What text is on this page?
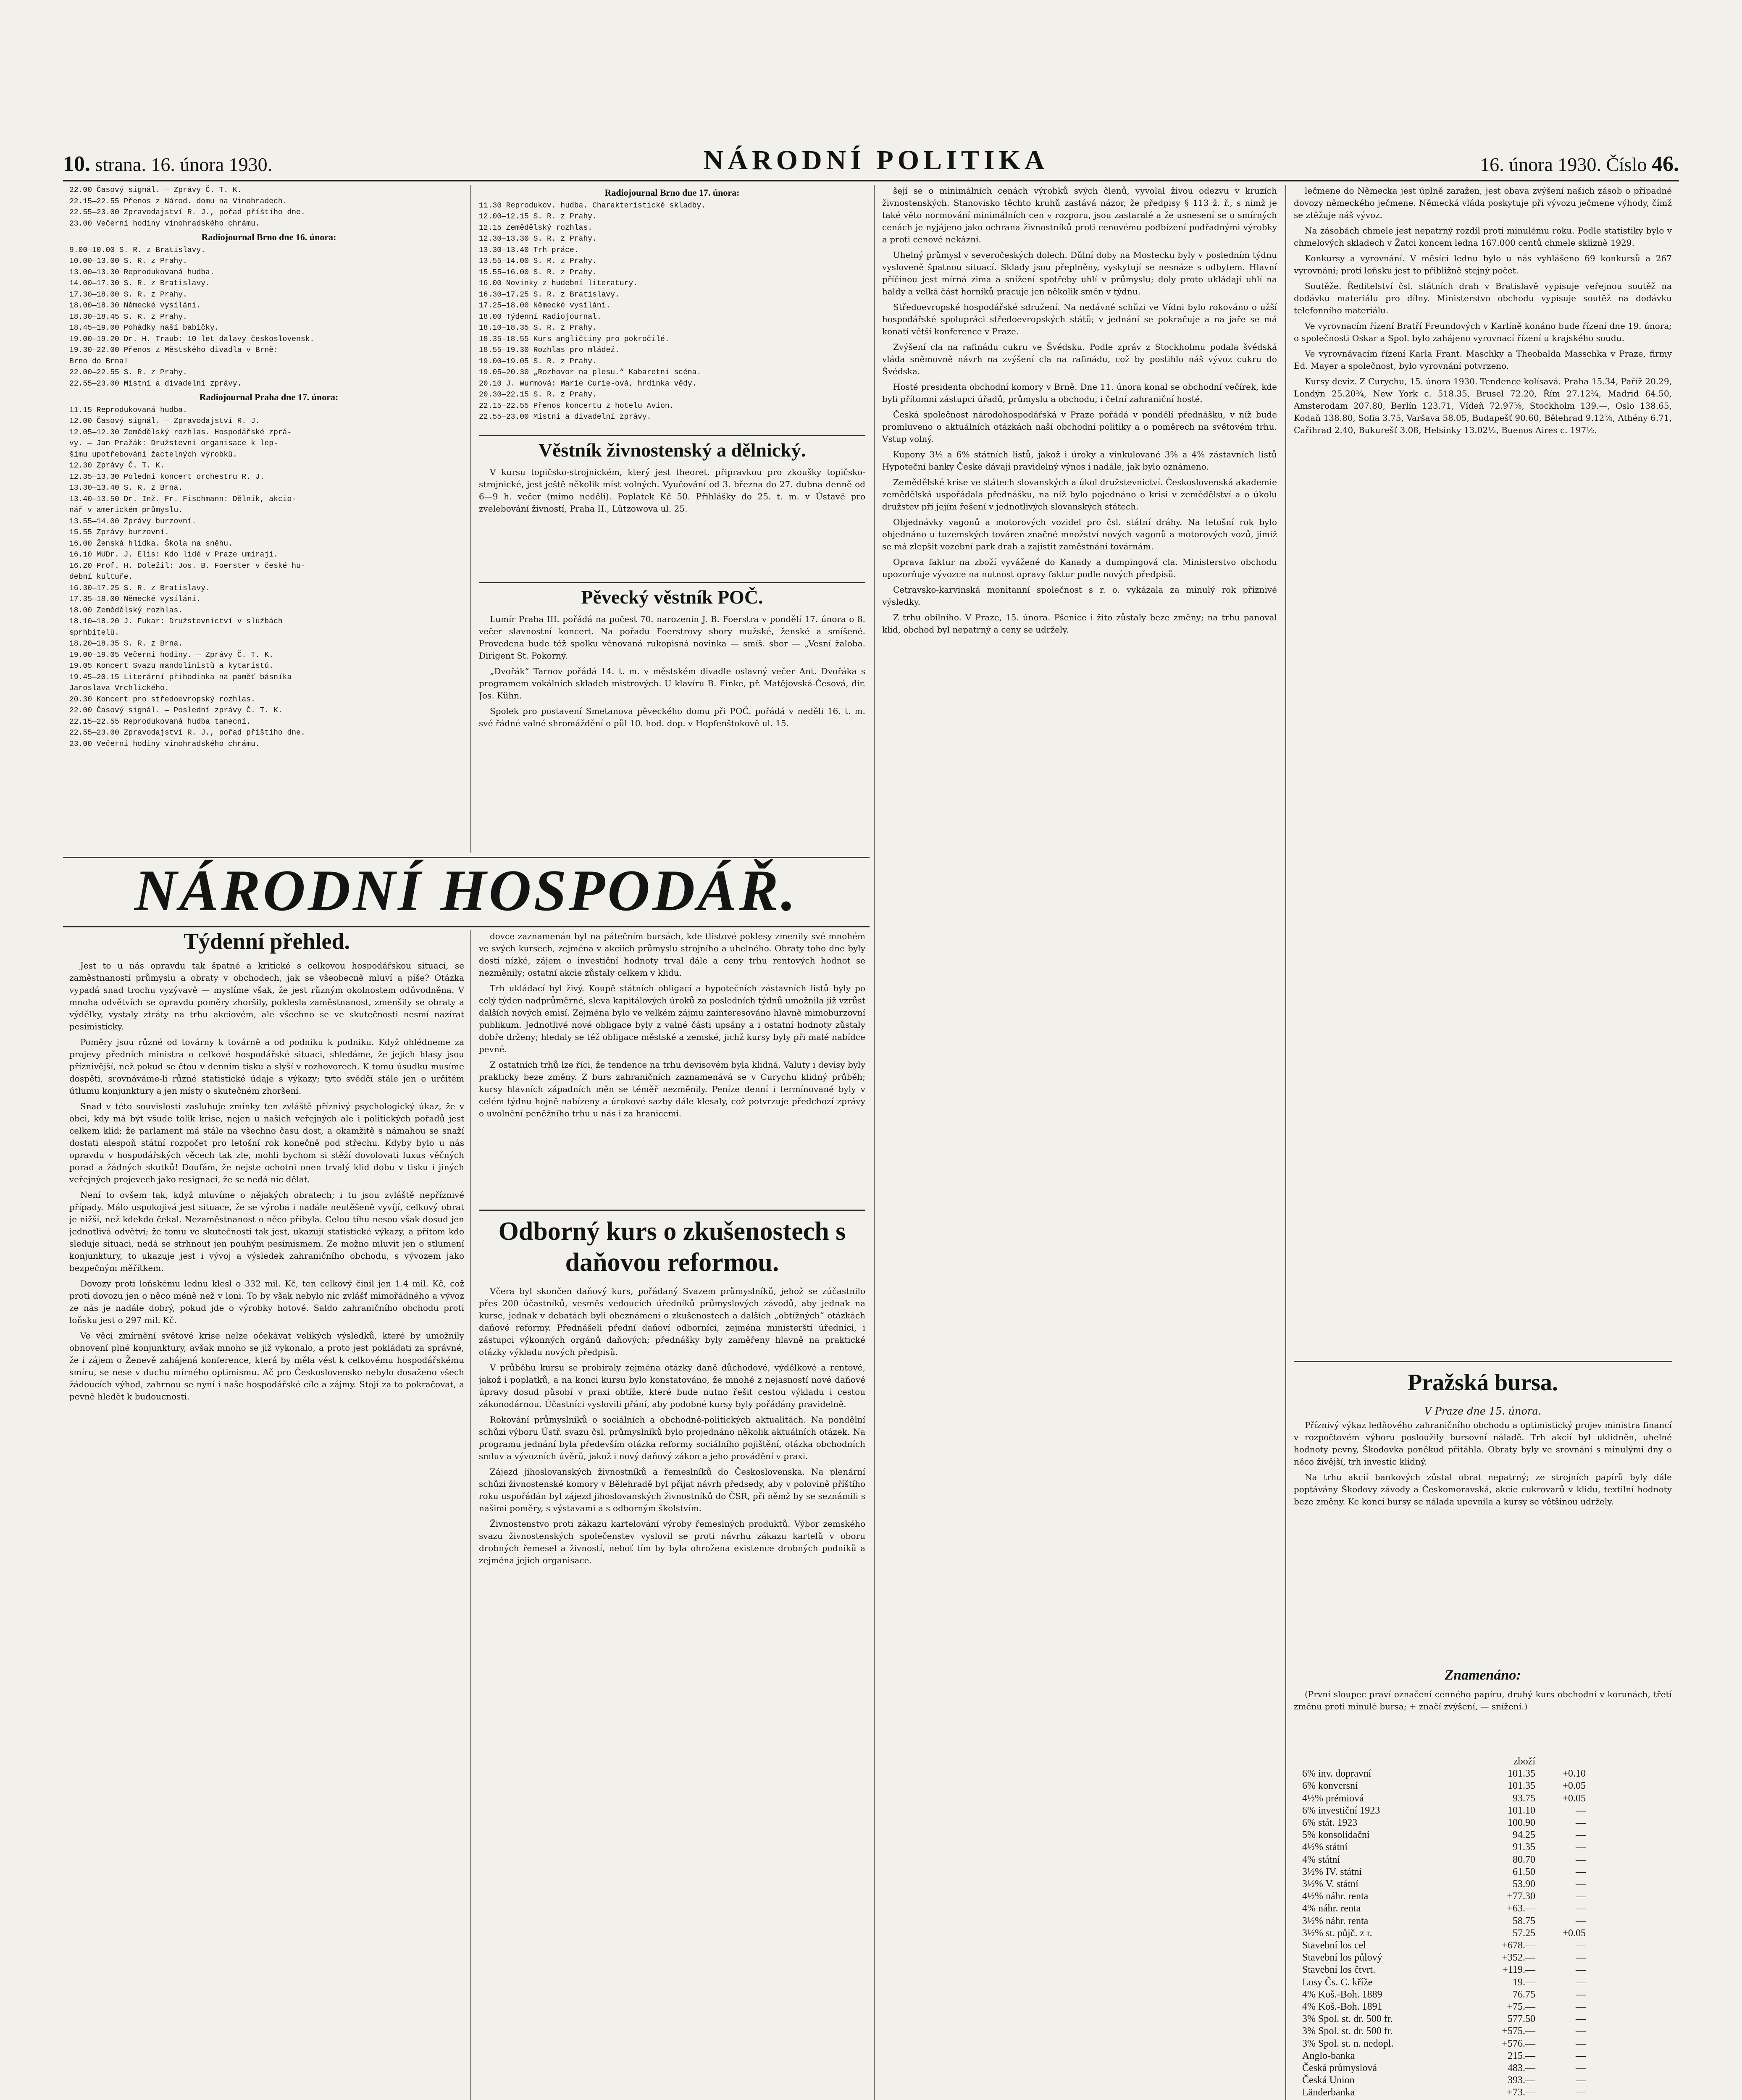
10. strana. 16. února 1930.	NÁRODNÍ POLITIKA	16. února 1930. Číslo 46.
22.00 Časový signál. — Zprávy Č. T. K.
22.15—22.55 Přenos z Národ. domu na Vinohradech.
22.55—23.00 Zpravodajství R. J., pořad příštího dne.
23.00 Večerní hodiny vinohradského chrámu.
Radiojournal Brno dne 16. února:
9.00—10.00 S. R. z Bratislavy.
10.00—13.00 S. R. z Prahy.
13.00—13.30 Reprodukovaná hudba.
14.00—17.30 S. R. z Bratislavy.
17.30—18.00 S. R. z Prahy.
18.00—18.30 Německé vysílání.
18.30—18.45 S. R. z Prahy.
18.45—19.00 Pohádky naší babičky.
19.00—19.20 Dr. H. Traub: 10 let dalavy československ.
19.30—22.00 Přenos z Městského divadla v Brně:
Brno do Brna!
22.00—22.55 S. R. z Prahy.
22.55—23.00 Místní a divadelní zprávy.
Radiojournal Praha dne 17. února:
11.15 Reprodukovaná hudba.
12.00 Časový signál. — Zpravodajství R. J.
12.05—12.30 Zemědělský rozhlas. Hospodářské zprá-
vy. — Jan Pražák: Družstevní organisace k lep-
šímu upotřebování žactelných výrobků.
12.30 Zprávy Č. T. K.
12.35—13.30 Polední koncert orchestru R. J.
13.30—13.40 S. R. z Brna.
13.40—13.50 Dr. Inž. Fr. Fischmann: Dělník, akcio-
nář v americkém průmyslu.
13.55—14.00 Zprávy burzovní.
15.55 Zprávy burzovní.
16.00 Ženská hlídka. Škola na sněhu.
16.10 MUDr. J. Elis: Kdo lidé v Praze umírají.
16.20 Prof. H. Doležil: Jos. B. Foerster v české hu-
dební kultuře.
16.30—17.25 S. R. z Bratislavy.
17.35—18.00 Německé vysílání.
18.00 Zemědělský rozhlas.
18.10—18.20 J. Fukar: Družstevnictví v službách
sprhbitelů.
18.20—18.35 S. R. z Brna.
19.00—19.05 Večerní hodiny. — Zprávy Č. T. K.
19.05 Koncert Svazu mandolinistů a kytaristů.
19.45—20.15 Literární přihodinka na paměť básníka
Jaroslava Vrchlického.
20.30 Koncert pro středoevropský rozhlas.
22.00 Časový signál. — Poslední zprávy Č. T. K.
22.15—22.55 Reprodukovaná hudba tanecní.
22.55—23.00 Zpravodajství R. J., pořad příštího dne.
23.00 Večerní hodiny vinohradského chrámu.
Radiojournal Brno dne 17. února:
11.30 Reprodukov. hudba. Charakteristické skladby.
12.00—12.15 S. R. z Prahy.
12.15 Zemědělský rozhlas.
12.30—13.30 S. R. z Prahy.
13.30—13.40 Trh práce.
13.55—14.00 S. R. z Prahy.
15.55—16.00 S. R. z Prahy.
16.00 Novinky z hudební literatury.
16.30—17.25 S. R. z Bratislavy.
17.25—18.00 Německé vysílání.
18.00 Týdenní Radiojournal.
18.10—18.35 S. R. z Prahy.
18.35—18.55 Kurs angličtiny pro pokročilé.
18.55—19.30 Rozhlas pro mládež.
19.00—19.05 S. R. z Prahy.
19.05—20.30 „Rozhovor na plesu.“ Kabaretní scéna.
20.10 J. Wurmová: Marie Curie-ová, hrdinka vědy.
20.30—22.15 S. R. z Prahy.
22.15—22.55 Přenos koncertu z hotelu Avion.
22.55—23.00 Místní a divadelní zprávy.
Věstník živnostenský a dělnický.

V kursu topičsko-strojnickém, který jest theoret. připravkou pro zkoušky topičsko-strojnické, jest ještě několik míst volných. Vyučování od 3. března do 27. dubna denně od 6—9 h. večer (mimo neděli). Poplatek Kč 50. Přihlášky do 25. t. m. v Ústavě pro zvelebování živností, Praha II., Lützowova ul. 25.

Pěvecký věstník POČ.

Lumír Praha III. pořádá na počest 70. narozenin J. B. Foerstra v pondělí 17. února o 8. večer slavnostní koncert. Na pořadu Foerstrovy sbory mužské, ženské a smíšené. Provedena bude též spolku věnovaná rukopisná novinka — smíš. sbor — „Vesní žaloba. Dirigent St. Pokorný.

„Dvořák“ Tarnov pořádá 14. t. m. v městském divadle oslavný večer Ant. Dvořáka s programem vokálních skladeb mistrových. U klavíru B. Finke, př. Matějovská-Česová, dir. Jos. Kühn.

Spolek pro postavení Smetanova pěveckého domu při POČ. pořádá v neděli 16. t. m. své řádné valné shromáždění o půl 10. hod. dop. v Hopfenštokově ul. 15.

šejí se o minimálních cenách výrobků svých členů, vyvolal živou odezvu v kruzích živnostenských. Stanovisko těchto kruhů zastává názor, že předpisy § 113 ž. ř., s nimž je také věto normování minimálních cen v rozporu, jsou zastaralé a že usnesení se o smírných cenách je nyjájeno jako ochrana živnostníků proti cenovému podbízení podřadnými výrobky a proti cenové nekázni.

Uhelný průmysl v severočeských dolech. Důlní doby na Mostecku byly v posledním týdnu vysloveně špatnou situací. Sklady jsou přeplněny, vyskytují se nesnáze s odbytem. Hlavní příčinou jest mírná zima a snížení spotřeby uhlí v průmyslu; doly proto ukládají uhlí na haldy a velká část horníků pracuje jen několik směn v týdnu.

Středoevropské hospodářské sdružení. Na nedávné schůzi ve Vídni bylo rokováno o užší hospodářské spolupráci středoevropských států; v jednání se pokračuje a na jaře se má konati větší konference v Praze.

Zvýšení cla na rafinádu cukru ve Švédsku. Podle zpráv z Stockholmu podala švédská vláda sněmovně návrh na zvýšení cla na rafinádu, což by postihlo náš vývoz cukru do Švédska.

Hosté presidenta obchodní komory v Brně. Dne 11. února konal se obchodní večírek, kde byli přítomni zástupci úřadů, průmyslu a obchodu, i četní zahraniční hosté.

Česká společnost národohospodářská v Praze pořádá v pondělí přednášku, v níž bude promluveno o aktuálních otázkách naší obchodní politiky a o poměrech na světovém trhu. Vstup volný.

Kupony 3½ a 6% státních listů, jakož i úroky a vinkulované 3% a 4% zástavních listů Hypoteční banky Česke dávají pravidelný výnos i nadále, jak bylo oznámeno.

Zemědělské krise ve státech slovanských a úkol družstevnictví. Československá akademie zemědělská uspořádala přednášku, na níž bylo pojednáno o krisi v zemědělství a o úkolu družstev při jejím řešení v jednotlivých slovanských státech.

Objednávky vagonů a motorových vozidel pro čsl. státní dráhy. Na letošní rok bylo objednáno u tuzemských továren značné množství nových vagonů a motorových vozů, jimiž se má zlepšit vozební park drah a zajistit zaměstnání továrnám.

Oprava faktur na zboží vyvážené do Kanady a dumpingová cla. Ministerstvo obchodu upozorňuje vývozce na nutnost opravy faktur podle nových předpisů.

Cetravsko-karvinská monitanní společnost s r. o. vykázala za minulý rok příznivé výsledky.

Z trhu obilního. V Praze, 15. února. Pšenice i žito zůstaly beze změny; na trhu panoval klid, obchod byl nepatrný a ceny se udržely.

lečmene do Německa jest úplně zaražen, jest obava zvýšení našich zásob o případné dovozy německého ječmene. Německá vláda poskytuje při vývozu ječmene výhody, čímž se ztěžuje náš vývoz.

Na zásobách chmele jest nepatrný rozdíl proti minulému roku. Podle statistiky bylo v chmelových skladech v Žatci koncem ledna 167.000 centů chmele sklizně 1929.

Konkursy a vyrovnání. V měsíci lednu bylo u nás vyhlášeno 69 konkursů a 267 vyrovnání; proti loňsku jest to přibližně stejný počet.

Soutěže. Ředitelství čsl. státních drah v Bratislavě vypisuje veřejnou soutěž na dodávku materiálu pro dílny. Ministerstvo obchodu vypisuje soutěž na dodávku telefonního materiálu.

Ve vyrovnacím řízení Bratří Freundových v Karlíně konáno bude řízení dne 19. února; o společnosti Oskar a Spol. bylo zahájeno vyrovnací řízení u krajského soudu.

Ve vyrovnávacím řízení Karla Frant. Maschky a Theobalda Masschka v Praze, firmy Ed. Mayer a společnost, bylo vyrovnání potvrzeno.

Kursy deviz. Z Curychu, 15. února 1930. Tendence kolísavá. Praha 15.34, Paříž 20.29, Londýn 25.20¾, New York c. 518.35, Brusel 72.20, Řím 27.12¾, Madrid 64.50, Amsterodam 207.80, Berlín 123.71, Vídeň 72.97⅝, Stockholm 139.—, Oslo 138.65, Kodaň 138.80, Sofia 3.75, Varšava 58.05, Budapešť 90.60, Bělehrad 9.12⅞, Athény 6.71, Cařihrad 2.40, Bukurešť 3.08, Helsinky 13.02½, Buenos Aires c. 197½.

Pražská bursa.
V Praze dne 15. února.

Příznivý výkaz ledňového zahraničního obchodu a optimistický projev ministra financí v rozpočtovém výboru posloužily bursovní náladě. Trh akcií byl uklidněn, uhelné hodnoty pevny, Škodovka poněkud přitáhla. Obraty byly ve srovnání s minulými dny o něco živější, trh investic klidný.

Na trhu akcií bankových zůstal obrat nepatrný; ze strojních papírů byly dále poptávány Škodovy závody a Českomoravská, akcie cukrovarů v klidu, textilní hodnoty beze změny. Ke konci bursy se nálada upevnila a kursy se většinou udržely.

Znamenáno:

(První sloupec praví označení cenného papíru, druhý kurs obchodní v korunách, třetí změnu proti minulé bursa; + značí zvýšení, — snížení.)

zboží
6% inv. dopravní	101.35	+0.10
6% konversní	101.35	+0.05
4½% prémiová	93.75	+0.05
6% investiční 1923	101.10	—
6% stát. 1923	100.90	—
5% konsolidační	94.25	—
4½% státní	91.35	—
4% státní	80.70	—
3½% IV. státní	61.50	—
3½% V. státní	53.90	—
4½% náhr. renta	+77.30	—
4% náhr. renta	+63.—	—
3½% náhr. renta	58.75	—
3½% st. půjč. z r.	57.25	+0.05
Stavební los cel	+678.—	—
Stavební los půlový	+352.—	—
Stavební los čtvrt.	+119.—	—
Losy Čs. C. kříže	19.—	—
4% Koš.-Boh. 1889	76.75	—
4% Koš.-Boh. 1891	+75.—	—
3% Spol. st. dr. 500 fr.	577.50	—
3% Spol. st. dr. 500 fr.	+575.—	—
3% Spol. st. n. nedopl.	+576.—	—
Anglo-banka	215.—	—
Česká průmyslová	483.—	—
Česká Union	393.—	—
Länderbanka	+73.—	—
NÁRODNÍ HOSPODÁŘ.
Týdenní přehled.

Jest to u nás opravdu tak špatné a kritické s celkovou hospodářskou situací, se zaměstnaností průmyslu a obraty v obchodech, jak se všeobecně mluví a píše? Otázka vypadá snad trochu vyzývavě — myslíme však, že jest různým okolnostem odůvodněna. V mnoha odvětvích se opravdu poměry zhoršily, poklesla zaměstnanost, zmenšily se obraty a výdělky, vystaly ztráty na trhu akciovém, ale všechno se ve skutečnosti nesmí nazírat pesimisticky.

Poměry jsou různé od továrny k továrně a od podniku k podniku. Když ohlédneme za projevy předních ministra o celkové hospodářské situaci, shledáme, že jejich hlasy jsou příznivější, než pokud se čtou v denním tisku a slyší v rozhovorech. K tomu úsudku musíme dospěti, srovnáváme-li různé statistické údaje s výkazy; tyto svědčí stále jen o určitém útlumu konjunktury a jen místy o skutečném zhoršení.

Snad v této souvislosti zasluhuje zmínky ten zvláště příznivý psychologický úkaz, že v obci, kdy má být všude tolik krise, nejen u našich veřejných ale i politických pořadů jest celkem klid; že parlament má stále na všechno času dost, a okamžitě s námahou se snaží dostati alespoň státní rozpočet pro letošní rok konečně pod střechu. Kdyby bylo u nás opravdu v hospodářských věcech tak zle, mohli bychom si stěží dovolovati luxus věčných porad a žádných skutků! Doufám, že nejste ochotni onen trvalý klid dobu v tisku i jiných veřejných projevech jako resignaci, že se nedá nic dělat.

Není to ovšem tak, když mluvíme o nějakých obratech; i tu jsou zvláště nepříznivé případy. Málo uspokojivá jest situace, že se výroba i nadále neutěšeně vyvíjí, celkový obrat je nižší, než kdekdo čekal. Nezaměstnanost o něco přibyla. Celou tíhu nesou však dosud jen jednotlivá odvětví; že tomu ve skutečnosti tak jest, ukazují statistické výkazy, a přitom kdo sleduje situaci, nedá se strhnout jen pouhým pesimismem. Ze možno mluvit jen o stlumení konjunktury, to ukazuje jest i vývoj a výsledek zahraničního obchodu, s vývozem jako bezpečným měřítkem.

Dovozy proti loňskému lednu klesl o 332 mil. Kč, ten celkový činil jen 1.4 mil. Kč, což proti dovozu jen o něco méně než v loni. To by však nebylo nic zvlášť mimořádného a vývoz ze nás je nadále dobrý, pokud jde o výrobky hotové. Saldo zahraničního obchodu proti loňsku jest o 297 mil. Kč.

Ve věci zmírnění světové krise nelze očekávat velikých výsledků, které by umožnily obnovení plné konjunktury, avšak mnoho se již vykonalo, a proto jest pokládati za správné, že i zájem o Ženevě zahájená konference, která by měla vést k celkovému hospodářskému smíru, se nese v duchu mírného optimismu. Ač pro Československo nebylo dosaženo všech žádoucích výhod, zahrnou se nyní i naše hospodářské cíle a zájmy. Stojí za to pokračovat, a pevně hledět k budoucnosti.

dovce zaznamenán byl na pátečním bursách, kde tlistové poklesy zmenily své mnohém ve svých kursech, zejména v akciích průmyslu strojního a uhelného. Obraty toho dne byly dosti nízké, zájem o investiční hodnoty trval dále a ceny trhu rentových hodnot se nezměnily; ostatní akcie zůstaly celkem v klidu.

Trh ukládací byl živý. Koupě státních obligací a hypotečních zástavních listů byly po celý týden nadprůměrné, sleva kapitálových úroků za posledních týdnů umožnila již vzrůst dalších nových emisí. Zejména bylo ve velkém zájmu zainteresováno hlavně mimoburzovní publikum. Jednotlivé nové obligace byly z valné části upsány a i ostatní hodnoty zůstaly dobře drženy; hledaly se též obligace městské a zemské, jichž kursy byly při malé nabídce pevné.

Z ostatních trhů lze říci, že tendence na trhu devisovém byla klidná. Valuty i devisy byly prakticky beze změny. Z burs zahraničních zaznamenává se v Curychu klidný průběh; kursy hlavních západních měn se téměř nezměnily. Peníze denní i termínované byly v celém týdnu hojně nabízeny a úrokové sazby dále klesaly, což potvrzuje předchozí zprávy o uvolnění peněžního trhu u nás i za hranicemi.

Odborný kurs o zkušenostech s daňovou reformou.

Včera byl skončen daňový kurs, pořádaný Svazem průmyslníků, jehož se zúčastnilo přes 200 účastníků, vesměs vedoucích úředníků průmyslových závodů, aby jednak na kurse, jednak v debatách byli obeznámeni o zkušenostech a dalších „obtížných“ otázkách daňové reformy. Přednášeli přední daňoví odborníci, zejména ministerští úředníci, i zástupci výkonných orgánů daňových; přednášky byly zaměřeny hlavně na praktické otázky výkladu nových předpisů.

V průběhu kursu se probíraly zejména otázky daně důchodové, výdělkové a rentové, jakož i poplatků, a na konci kursu bylo konstatováno, že mnohé z nejasností nové daňové úpravy dosud působí v praxi obtíže, které bude nutno řešit cestou výkladu i cestou zákonodárnou. Účastníci vyslovili přání, aby podobné kursy byly pořádány pravidelně.

Rokování průmyslníků o sociálních a obchodně-politických aktualitách. Na pondělní schůzi výboru Ústř. svazu čsl. průmyslníků bylo projednáno několik aktuálních otázek. Na programu jednání byla především otázka reformy sociálního pojištění, otázka obchodních smluv a vývozních úvěrů, jakož i nový daňový zákon a jeho provádění v praxi.

Zájezd jihoslovanských živnostníků a řemeslníků do Československa. Na plenární schůzi živnostenské komory v Bělehradě byl přijat návrh předsedy, aby v polovině příštího roku uspořádán byl zájezd jihoslovanských živnostníků do ČSR, při němž by se seznámili s našimi poměry, s výstavami a s odborným školstvím.

Živnostenstvo proti zákazu kartelování výroby řemeslných produktů. Výbor zemského svazu živnostenských společenstev vyslovil se proti návrhu zákazu kartelů v oboru drobných řemesel a živností, neboť tím by byla ohrožena existence drobných podniků a zejména jejich organisace.
